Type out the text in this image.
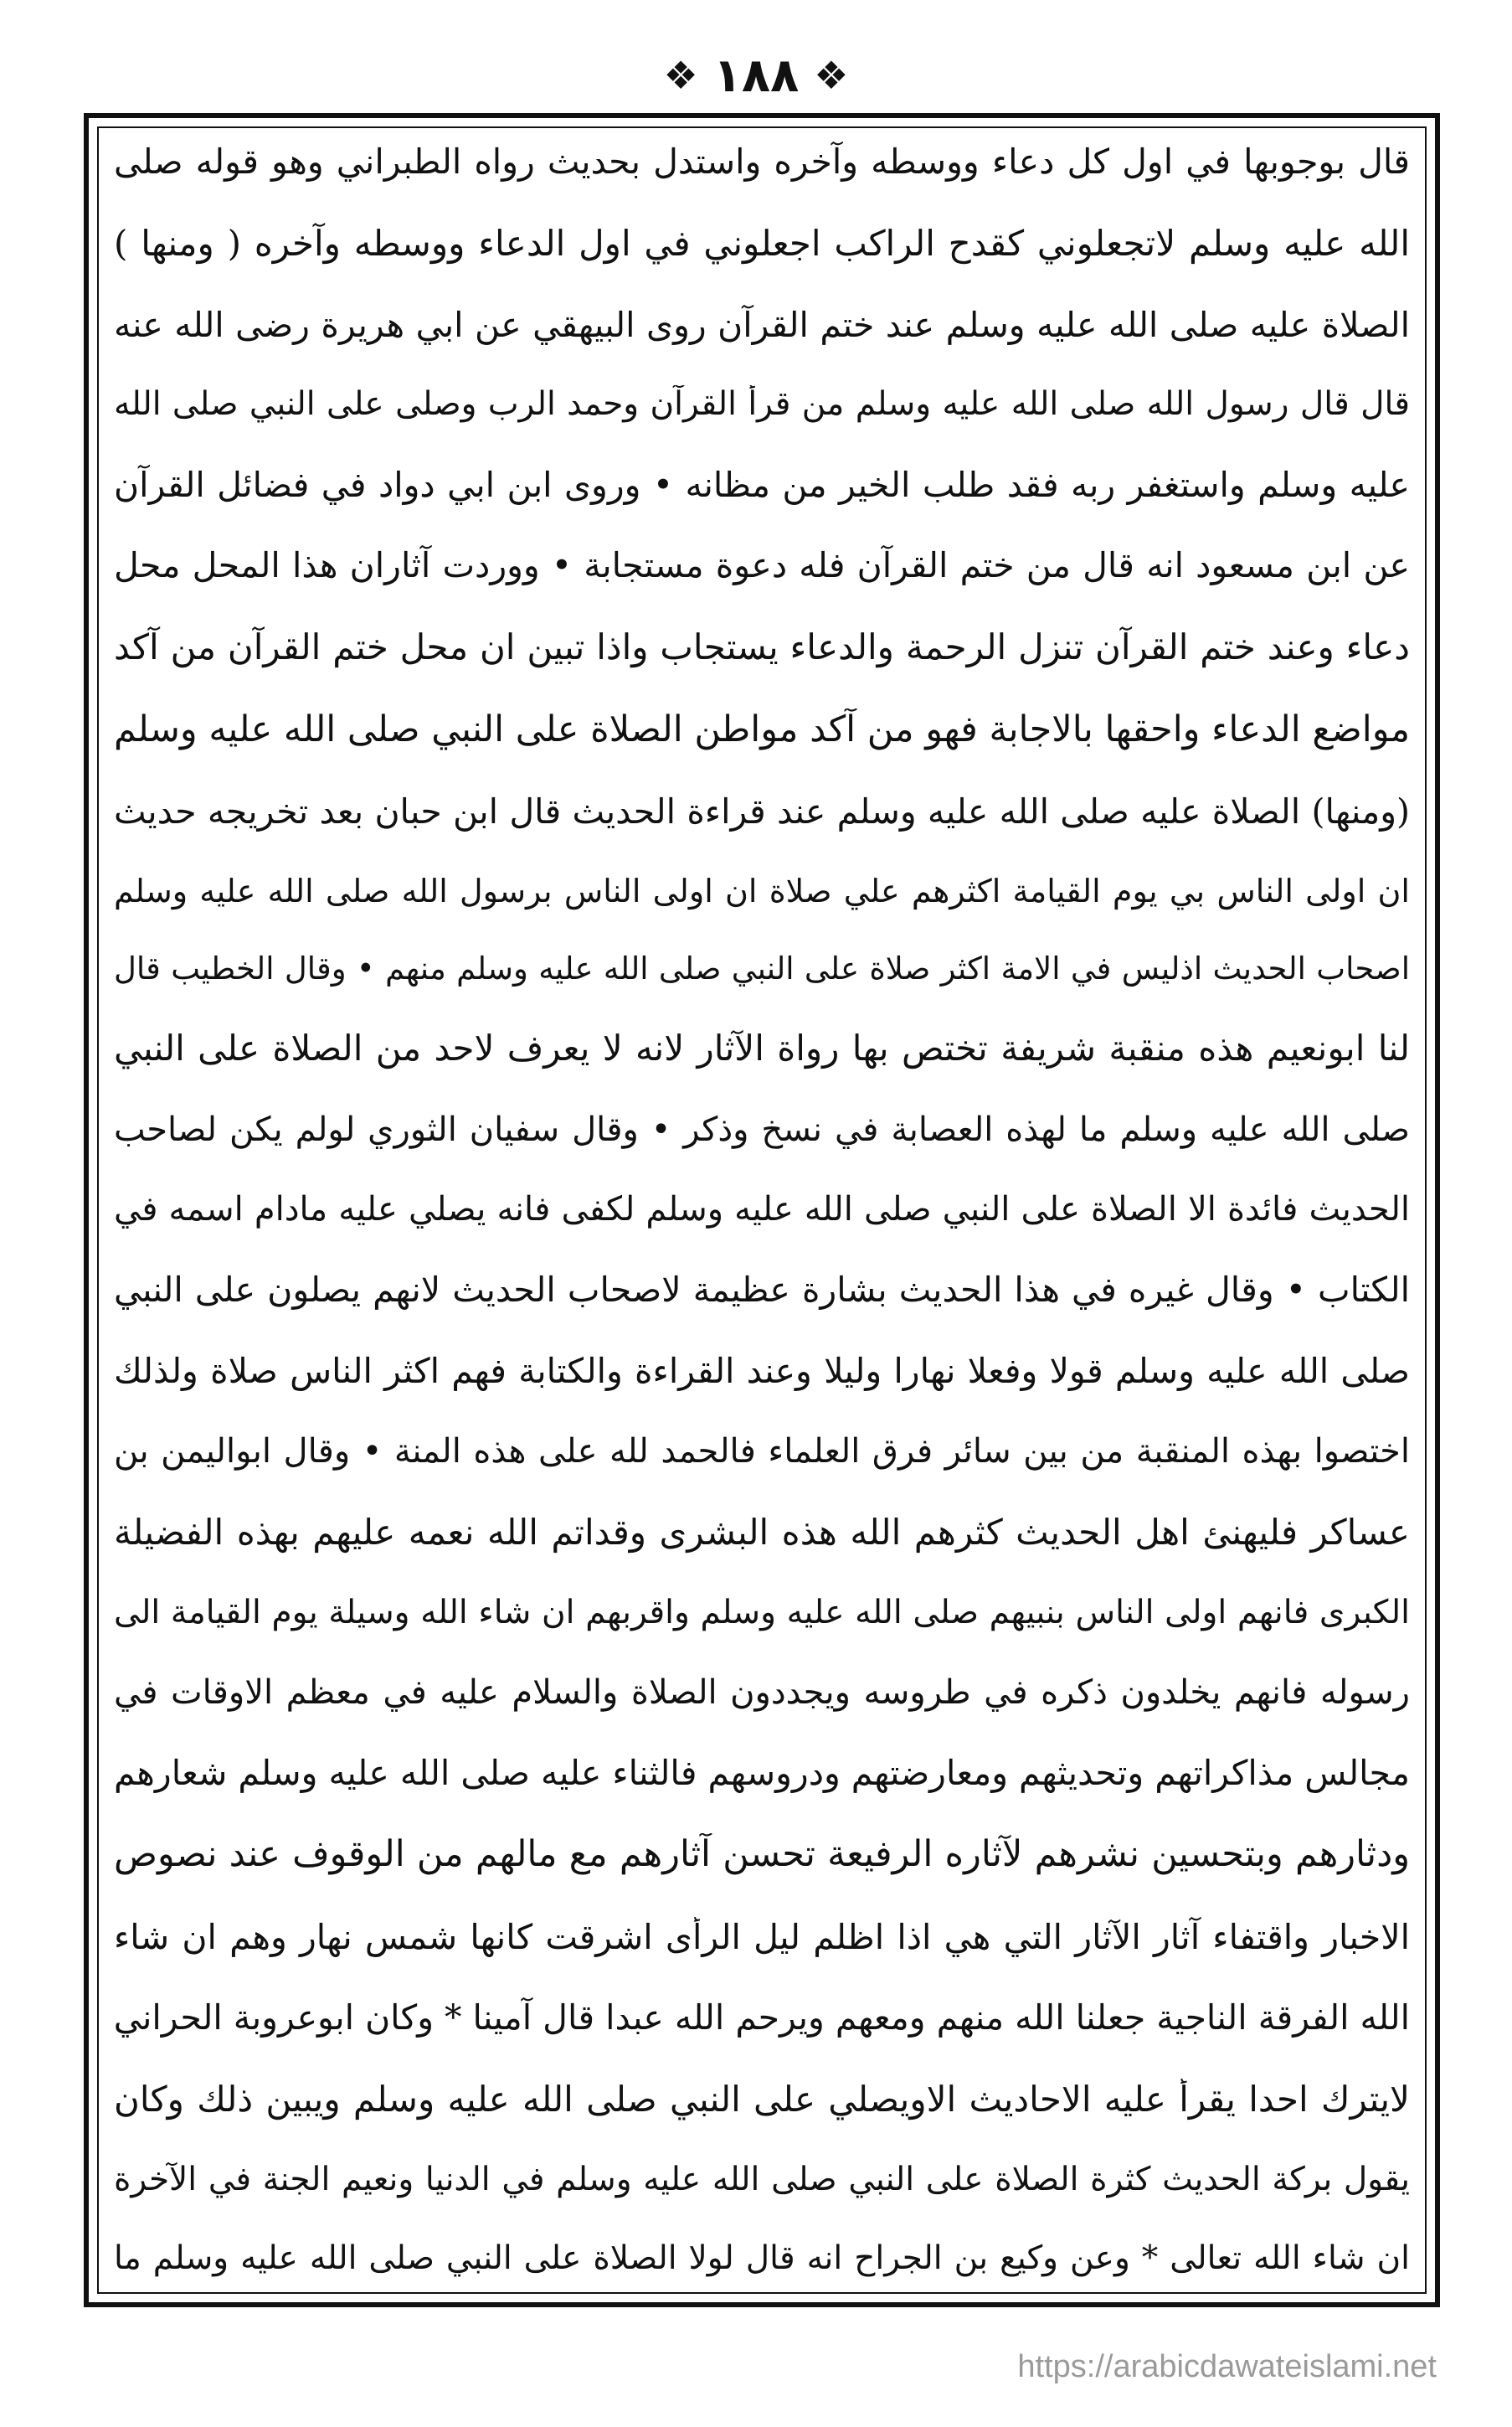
❖ ۱۸۸ ❖
قال بوجوبها في اول كل دعاء ووسطه وآخره واستدل بحديث رواه الطبراني وهو قوله صلى
الله عليه وسلم لاتجعلوني كقدح الراكب اجعلوني في اول الدعاء ووسطه وآخره ( ومنها )
الصلاة عليه صلى الله عليه وسلم عند ختم القرآن روى البيهقي عن ابي هريرة رضى الله عنه
قال قال رسول الله صلى الله عليه وسلم من قرأ القرآن وحمد الرب وصلى على النبي صلى الله
عليه وسلم واستغفر ربه فقد طلب الخير من مظانه • وروى ابن ابي دواد في فضائل القرآن
عن ابن مسعود انه قال من ختم القرآن فله دعوة مستجابة • ووردت آثاران هذا المحل محل
دعاء وعند ختم القرآن تنزل الرحمة والدعاء يستجاب واذا تبين ان محل ختم القرآن من آكد
مواضع الدعاء واحقها بالاجابة فهو من آكد مواطن الصلاة على النبي صلى الله عليه وسلم
(ومنها) الصلاة عليه صلى الله عليه وسلم عند قراءة الحديث قال ابن حبان بعد تخريجه حديث
ان اولى الناس بي يوم القيامة اكثرهم علي صلاة ان اولى الناس برسول الله صلى الله عليه وسلم
اصحاب الحديث اذليس في الامة اكثر صلاة على النبي صلى الله عليه وسلم منهم • وقال الخطيب قال
لنا ابونعيم هذه منقبة شريفة تختص بها رواة الآثار لانه لا يعرف لاحد من الصلاة على النبي
صلى الله عليه وسلم ما لهذه العصابة في نسخ وذكر • وقال سفيان الثوري لولم يكن لصاحب
الحديث فائدة الا الصلاة على النبي صلى الله عليه وسلم لكفى فانه يصلي عليه مادام اسمه في
الكتاب • وقال غيره في هذا الحديث بشارة عظيمة لاصحاب الحديث لانهم يصلون على النبي
صلى الله عليه وسلم قولا وفعلا نهارا وليلا وعند القراءة والكتابة فهم اكثر الناس صلاة ولذلك
اختصوا بهذه المنقبة من بين سائر فرق العلماء فالحمد لله على هذه المنة • وقال ابواليمن بن
عساكر فليهنئ اهل الحديث كثرهم الله هذه البشرى وقداتم الله نعمه عليهم بهذه الفضيلة
الكبرى فانهم اولى الناس بنبيهم صلى الله عليه وسلم واقربهم ان شاء الله وسيلة يوم القيامة الى
رسوله فانهم يخلدون ذكره في طروسه ويجددون الصلاة والسلام عليه في معظم الاوقات في
مجالس مذاكراتهم وتحديثهم ومعارضتهم ودروسهم فالثناء عليه صلى الله عليه وسلم شعارهم
ودثارهم وبتحسين نشرهم لآثاره الرفيعة تحسن آثارهم مع مالهم من الوقوف عند نصوص
الاخبار واقتفاء آثار الآثار التي هي اذا اظلم ليل الرأى اشرقت كانها شمس نهار وهم ان شاء
الله الفرقة الناجية جعلنا الله منهم ومعهم ويرحم الله عبدا قال آمينا * وكان ابوعروبة الحراني
لايترك احدا يقرأ عليه الاحاديث الاويصلي على النبي صلى الله عليه وسلم ويبين ذلك وكان
يقول بركة الحديث كثرة الصلاة على النبي صلى الله عليه وسلم في الدنيا ونعيم الجنة في الآخرة
ان شاء الله تعالى * وعن وكيع بن الجراح انه قال لولا الصلاة على النبي صلى الله عليه وسلم ما
https://arabicdawateislami.net
